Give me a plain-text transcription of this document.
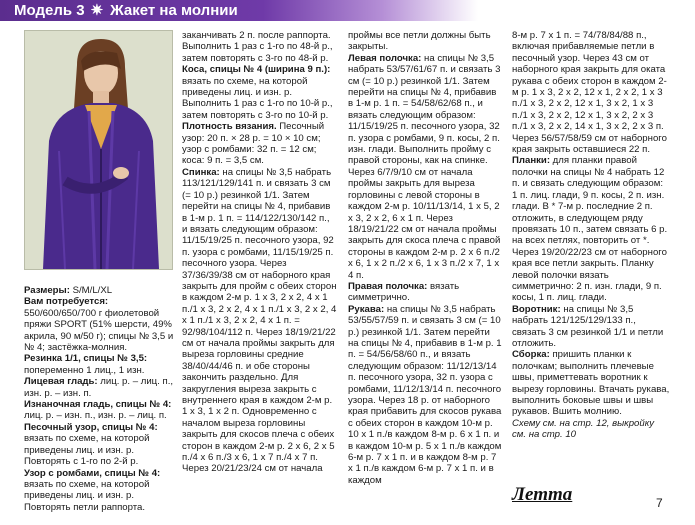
Модель 3 ✷ Жакет на молнии

Размеры: S/M/L/XL

Вам потребуется: 550/600/650/700 г фиолетовой пряжи SPORT (51% шерсти, 49% акрила, 90 м/50 г); спицы № 3,5 и № 4; застёжка-молния.

Резинка 1/1, спицы № 3,5: попеременно 1 лиц., 1 изн.

Лицевая гладь: лиц. р. – лиц. п., изн. р. – изн. п.

Изнаночная гладь, спицы № 4: лиц. р. – изн. п., изн. р. – лиц. п.

Песочный узор, спицы № 4: вязать по схеме, на которой приведены лиц. и изн. р. Повторять с 1-го по 2-й р.

Узор с ромбами, спицы № 4: вязать по схеме, на которой приведены лиц. и изн. р. Повторять петли раппорта.

заканчивать 2 п. после раппорта. Выполнить 1 раз с 1-го по 48-й р., затем повторять с 3-го по 48-й р.

Коса, спицы № 4 (ширина 9 п.): вязать по схеме, на которой приведены лиц. и изн. р. Выполнить 1 раз с 1-го по 10-й р., затем повторять с 3-го по 10-й р.

Плотность вязания. Песочный узор: 20 п. × 28 р. = 10 × 10 см; узор с ромбами: 32 п. = 12 см; коса: 9 п. = 3,5 см.

Спинка: на спицы № 3,5 набрать 113/121/129/141 п. и связать 3 см (= 10 р.) резинкой 1/1. Затем перейти на спицы № 4, прибавив в 1-м р. 1 п. = 114/122/130/142 п., и вязать следующим образом: 11/15/19/25 п. песочного узора, 92 п. узора с ромбами, 11/15/19/25 п. песочного узора. Через 37/36/39/38 см от наборного края закрыть для пройм с обеих сторон в каждом 2-м р. 1 х 3, 2 х 2, 4 х 1 п./1 х 3, 2 х 2, 4 х 1 п./1 х 3, 2 х 2, 4 х 1 п./1 х 3, 2 х 2, 4 х 1 п. = 92/98/104/112 п. Через 18/19/21/22 см от начала проймы закрыть для выреза горловины средние 38/40/44/46 п. и обе стороны закончить раздельно. Для закругления выреза закрыть с внутреннего края в каждом 2-м р. 1 х 3, 1 х 2 п. Одновременно с началом выреза горловины закрыть для скосов плеча с обеих сторон в каждом 2-м р. 2 х 6, 2 х 5 п./4 х 6 п./3 х 6, 1 х 7 п./4 х 7 п. Через 20/21/23/24 см от начала

проймы все петли должны быть закрыты.

Левая полочка: на спицы № 3,5 набрать 53/57/61/67 п. и связать 3 см (= 10 р.) резинкой 1/1. Затем перейти на спицы № 4, прибавив в 1-м р. 1 п. = 54/58/62/68 п., и вязать следующим образом: 11/15/19/25 п. песочного узора, 32 п. узора с ромбами, 9 п. косы, 2 п. изн. глади. Выполнить пройму с правой стороны, как на спинке. Через 6/7/9/10 см от начала проймы закрыть для выреза горловины с левой стороны в каждом 2-м р. 10/11/13/14, 1 х 5, 2 х 3, 2 х 2, 6 х 1 п. Через 18/19/21/22 см от начала проймы закрыть для скоса плеча с правой стороны в каждом 2-м р. 2 х 6 п./2 х 6, 1 х 2 п./2 х 6, 1 х 3 п./2 х 7, 1 х 4 п.

Правая полочка: вязать симметрично.

Рукава: на спицы № 3,5 набрать 53/55/57/59 п. и связать 3 см (= 10 р.) резинкой 1/1. Затем перейти на спицы № 4, прибавив в 1-м р. 1 п. = 54/56/58/60 п., и вязать следующим образом: 11/12/13/14 п. песочного узора, 32 п. узора с ромбами, 11/12/13/14 п. песочного узора. Через 18 р. от наборного края прибавить для скосов рукава с обеих сторон в каждом 10-м р. 10 х 1 п./в каждом 8-м р. 6 х 1 п. и в каждом 10-м р. 5 х 1 п./в каждом 6-м р. 7 х 1 п. и в каждом 8-м р. 7 х 1 п./в каждом 6-м р. 7 х 1 п. и в каждом

8-м р. 7 х 1 п. = 74/78/84/88 п., включая прибавляемые петли в песочный узор. Через 43 см от наборного края закрыть для оката рукава с обеих сторон в каждом 2-м р. 1 х 3, 2 х 2, 12 х 1, 2 х 2, 1 х 3 п./1 х 3, 2 х 2, 12 х 1, 3 х 2, 1 х 3 п./1 х 3, 2 х 2, 12 х 1, 3 х 2, 2 х 3 п./1 х 3, 2 х 2, 14 х 1, 3 х 2, 2 х 3 п. Через 56/57/58/59 см от наборного края закрыть оставшиеся 22 п.

Планки: для планки правой полочки на спицы № 4 набрать 12 п. и связать следующим образом: 1 п. лиц. глади, 9 п. косы, 2 п. изн. глади. В * 7-м р. последние 2 п. отложить, в следующем ряду провязать 10 п., затем связать 6 р. на всех петлях, повторить от *. Через 19/20/22/23 см от наборного края все петли закрыть. Планку левой полочки вязать симметрично: 2 п. изн. глади, 9 п. косы, 1 п. лиц. глади.

Воротник: на спицы № 3,5 набрать 121/125/129/133 п., связать 3 см резинкой 1/1 и петли отложить.

Сборка: пришить планки к полочкам; выполнить плечевые швы, приметтевать воротник к вырезу горловины. Втачать рукава, выполнить боковые швы и швы рукавов. Вшить молнию.

Схему см. на стр. 12, выкройку см. на стр. 10

Летта	7
